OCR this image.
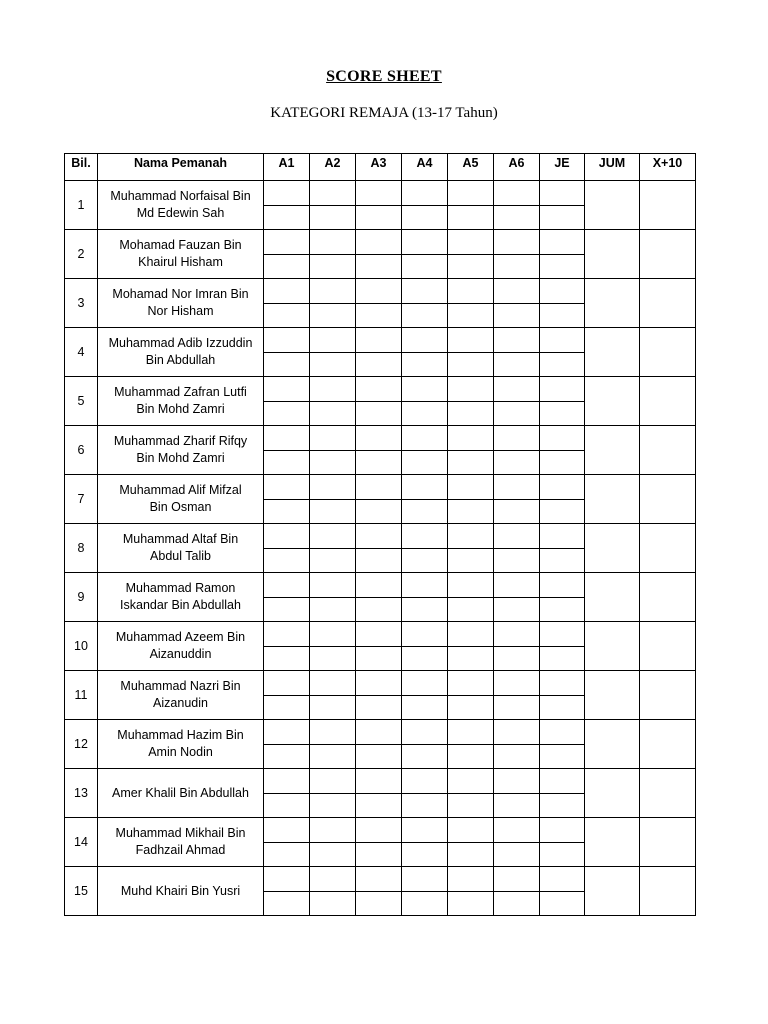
SCORE SHEET
KATEGORI REMAJA (13-17 Tahun)
Bil.	Nama Pemanah	A1	A2	A3	A4	A5	A6	JE	JUM	X+10
1	Muhammad Norfaisal Bin
Md Edewin Sah									

2	Mohamad Fauzan Bin
Khairul Hisham									

3	Mohamad Nor Imran Bin
Nor Hisham									

4	Muhammad Adib Izzuddin
Bin Abdullah									

5	Muhammad Zafran Lutfi
Bin Mohd Zamri									

6	Muhammad Zharif Rifqy
Bin Mohd Zamri									

7	Muhammad Alif Mifzal
Bin Osman									

8	Muhammad Altaf Bin
Abdul Talib									

9	Muhammad Ramon
Iskandar Bin Abdullah									

10	Muhammad Azeem Bin
Aizanuddin									

11	Muhammad Nazri Bin
Aizanudin									

12	Muhammad Hazim Bin
Amin Nodin									

13	Amer Khalil Bin Abdullah									

14	Muhammad Mikhail Bin
Fadhzail Ahmad									

15	Muhd Khairi Bin Yusri									
